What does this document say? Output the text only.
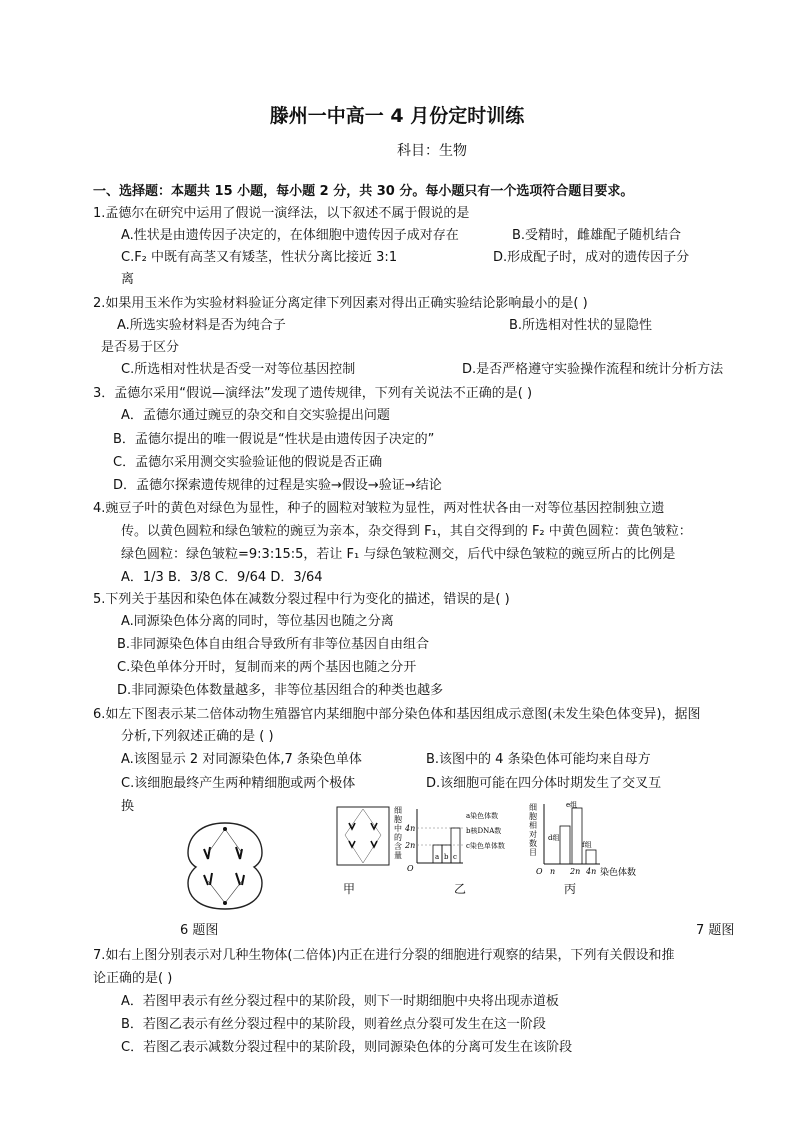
滕州一中高一 4 月份定时训练
科目：生物
一、选择题：本题共 15 小题，每小题 2 分，共 30 分。每小题只有一个选项符合题目要求。
1.孟德尔在研究中运用了假说一演绎法，以下叙述不属于假说的是
A.性状是由遗传因子决定的，在体细胞中遗传因子成对存在	B.受精时，雌雄配子随机结合
C.F₂ 中既有高茎又有矮茎，性状分离比接近 3:1	D.形成配子时，成对的遗传因子分
离
2.如果用玉米作为实验材料验证分离定律下列因素对得出正确实验结论影响最小的是( )
A.所选实验材料是否为纯合子	B.所选相对性状的显隐性
是否易于区分
C.所选相对性状是否受一对等位基因控制	D.是否严格遵守实验操作流程和统计分析方法
3．孟德尔采用“假说—演绎法”发现了遗传规律，下列有关说法不正确的是( )
A．孟德尔通过豌豆的杂交和自交实验提出问题
B．孟德尔提出的唯一假说是“性状是由遗传因子决定的”
C．孟德尔采用测交实验验证他的假说是否正确
D．孟德尔探索遗传规律的过程是实验→假设→验证→结论
4.豌豆子叶的黄色对绿色为显性，种子的圆粒对皱粒为显性，两对性状各由一对等位基因控制独立遗
传。以黄色圆粒和绿色皱粒的豌豆为亲本，杂交得到 F₁，其自交得到的 F₂ 中黄色圆粒：黄色皱粒：
绿色圆粒：绿色皱粒=9:3:15:5，若让 F₁ 与绿色皱粒测交，后代中绿色皱粒的豌豆所占的比例是
A．1/3 B．3/8 C．9/64 D．3/64
5.下列关于基因和染色体在减数分裂过程中行为变化的描述，错误的是( )
A.同源染色体分离的同时，等位基因也随之分离
B.非同源染色体自由组合导致所有非等位基因自由组合
C.染色单体分开时，复制而来的两个基因也随之分开
D.非同源染色体数量越多，非等位基因组合的种类也越多
6.如左下图表示某二倍体动物生殖器官内某细胞中部分染色体和基因组成示意图(未发生染色体变异)，据图
分析,下列叙述正确的是 ( )
A.该图显示 2 对同源染色体,7 条染色单体	B.该图中的 4 条染色体可能均来自母方
C.该细胞最终产生两种精细胞或两个极体	D.该细胞可能在四分体时期发生了交叉互
换	细
胞
中
的
含
量
4n
2n
O
a b c
a染色体数
b核DNA数
c染色单体数
细
胞
相
对
数
目
d组
e组
f组
O n 2n 4n 染色体数
甲	乙	丙
6 题图	7 题图
7.如右上图分别表示对几种生物体(二倍体)内正在进行分裂的细胞进行观察的结果，下列有关假设和推
论正确的是( )
A．若图甲表示有丝分裂过程中的某阶段，则下一时期细胞中央将出现赤道板
B．若图乙表示有丝分裂过程中的某阶段，则着丝点分裂可发生在这一阶段
C．若图乙表示减数分裂过程中的某阶段，则同源染色体的分离可发生在该阶段
